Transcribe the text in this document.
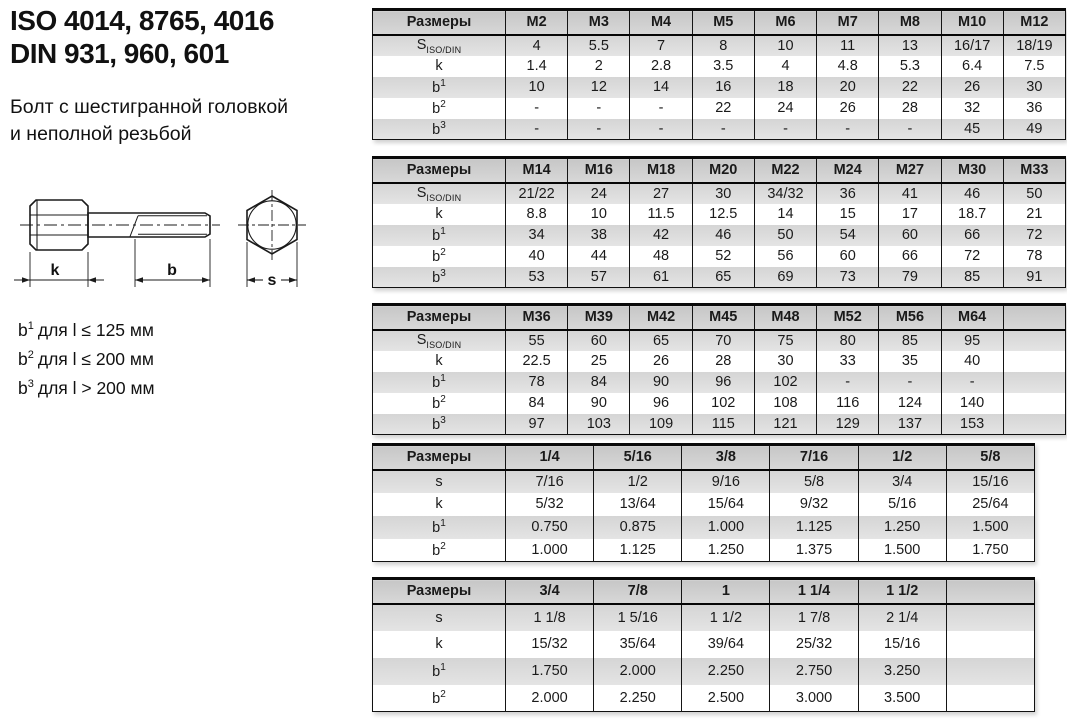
ISO 4014, 8765, 4016
DIN 931, 960, 601
Болт с шестигранной головкой
и неполной резьбой
k	b
s
$b^1$ для l ≤ 125 мм
$b^2$ для l ≤ 200 мм
$b^3$ для l > 200 мм
Размеры	M2	M3	M4	M5	M6	M7	M8	M10	M12
$S_{ISO/DIN}$	4	5.5	7	8	10	11	13	16/17	18/19
k	1.4	2	2.8	3.5	4	4.8	5.3	6.4	7.5
$b^1$	10	12	14	16	18	20	22	26	30
$b^2$	-	-	-	22	24	26	28	32	36
$b^3$	-	-	-	-	-	-	-	45	49
Размеры	M14	M16	M18	M20	M22	M24	M27	M30	M33
$S_{ISO/DIN}$	21/22	24	27	30	34/32	36	41	46	50
k	8.8	10	11.5	12.5	14	15	17	18.7	21
$b^1$	34	38	42	46	50	54	60	66	72
$b^2$	40	44	48	52	56	60	66	72	78
$b^3$	53	57	61	65	69	73	79	85	91
Размеры	M36	M39	M42	M45	M48	M52	M56	M64	
$S_{ISO/DIN}$	55	60	65	70	75	80	85	95	
k	22.5	25	26	28	30	33	35	40	
$b^1$	78	84	90	96	102	-	-	-	
$b^2$	84	90	96	102	108	116	124	140	
$b^3$	97	103	109	115	121	129	137	153	
Размеры	1/4	5/16	3/8	7/16	1/2	5/8
s	7/16	1/2	9/16	5/8	3/4	15/16
k	5/32	13/64	15/64	9/32	5/16	25/64
$b^1$	0.750	0.875	1.000	1.125	1.250	1.500
$b^2$	1.000	1.125	1.250	1.375	1.500	1.750
Размеры	3/4	7/8	1	1 1/4	1 1/2	
s	1 1/8	1 5/16	1 1/2	1 7/8	2 1/4	
k	15/32	35/64	39/64	25/32	15/16	
$b^1$	1.750	2.000	2.250	2.750	3.250	
$b^2$	2.000	2.250	2.500	3.000	3.500	
